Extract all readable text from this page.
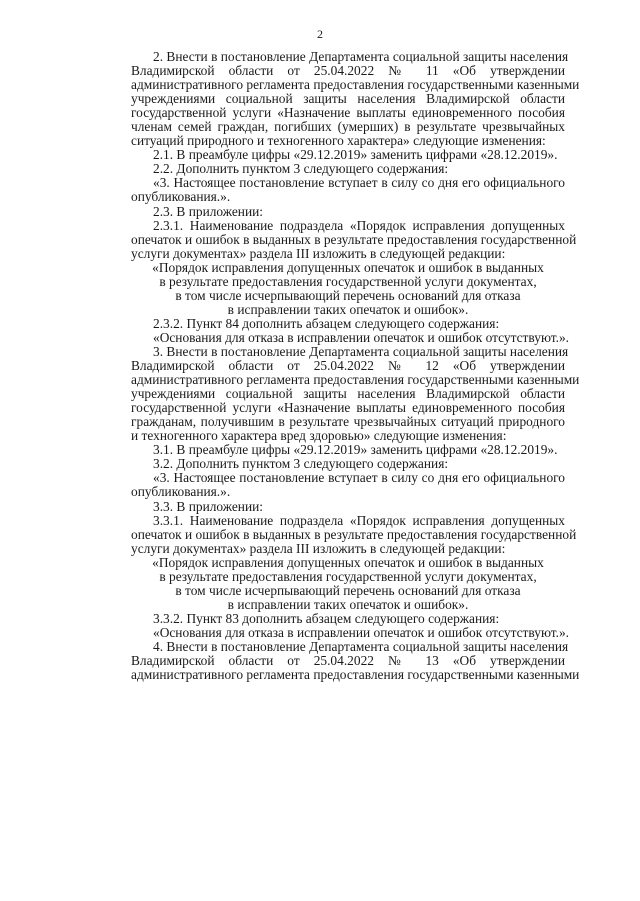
2
2. Внести в постановление Департамента социальной защиты населения
Владимирской области от 25.04.2022 № 11 «Об утверждении
административного регламента предоставления государственными казенными
учреждениями социальной защиты населения Владимирской области
государственной услуги «Назначение выплаты единовременного пособия
членам семей граждан, погибших (умерших) в результате чрезвычайных
ситуаций природного и техногенного характера» следующие изменения:
2.1. В преамбуле цифры «29.12.2019» заменить цифрами «28.12.2019».
2.2. Дополнить пунктом 3 следующего содержания:
«3. Настоящее постановление вступает в силу со дня его официального
опубликования.».
2.3. В приложении:
2.3.1. Наименование подраздела «Порядок исправления допущенных
опечаток и ошибок в выданных в результате предоставления государственной
услуги документах» раздела III изложить в следующей редакции:
«Порядок исправления допущенных опечаток и ошибок в выданных
в результате предоставления государственной услуги документах,
в том числе исчерпывающий перечень оснований для отказа
в исправлении таких опечаток и ошибок».
2.3.2. Пункт 84 дополнить абзацем следующего содержания:
«Основания для отказа в исправлении опечаток и ошибок отсутствуют.».
3. Внести в постановление Департамента социальной защиты населения
Владимирской области от 25.04.2022 № 12 «Об утверждении
административного регламента предоставления государственными казенными
учреждениями социальной защиты населения Владимирской области
государственной услуги «Назначение выплаты единовременного пособия
гражданам, получившим в результате чрезвычайных ситуаций природного
и техногенного характера вред здоровью» следующие изменения:
3.1. В преамбуле цифры «29.12.2019» заменить цифрами «28.12.2019».
3.2. Дополнить пунктом 3 следующего содержания:
«3. Настоящее постановление вступает в силу со дня его официального
опубликования.».
3.3. В приложении:
3.3.1. Наименование подраздела «Порядок исправления допущенных
опечаток и ошибок в выданных в результате предоставления государственной
услуги документах» раздела III изложить в следующей редакции:
«Порядок исправления допущенных опечаток и ошибок в выданных
в результате предоставления государственной услуги документах,
в том числе исчерпывающий перечень оснований для отказа
в исправлении таких опечаток и ошибок».
3.3.2. Пункт 83 дополнить абзацем следующего содержания:
«Основания для отказа в исправлении опечаток и ошибок отсутствуют.».
4. Внести в постановление Департамента социальной защиты населения
Владимирской области от 25.04.2022 № 13 «Об утверждении
административного регламента предоставления государственными казенными
